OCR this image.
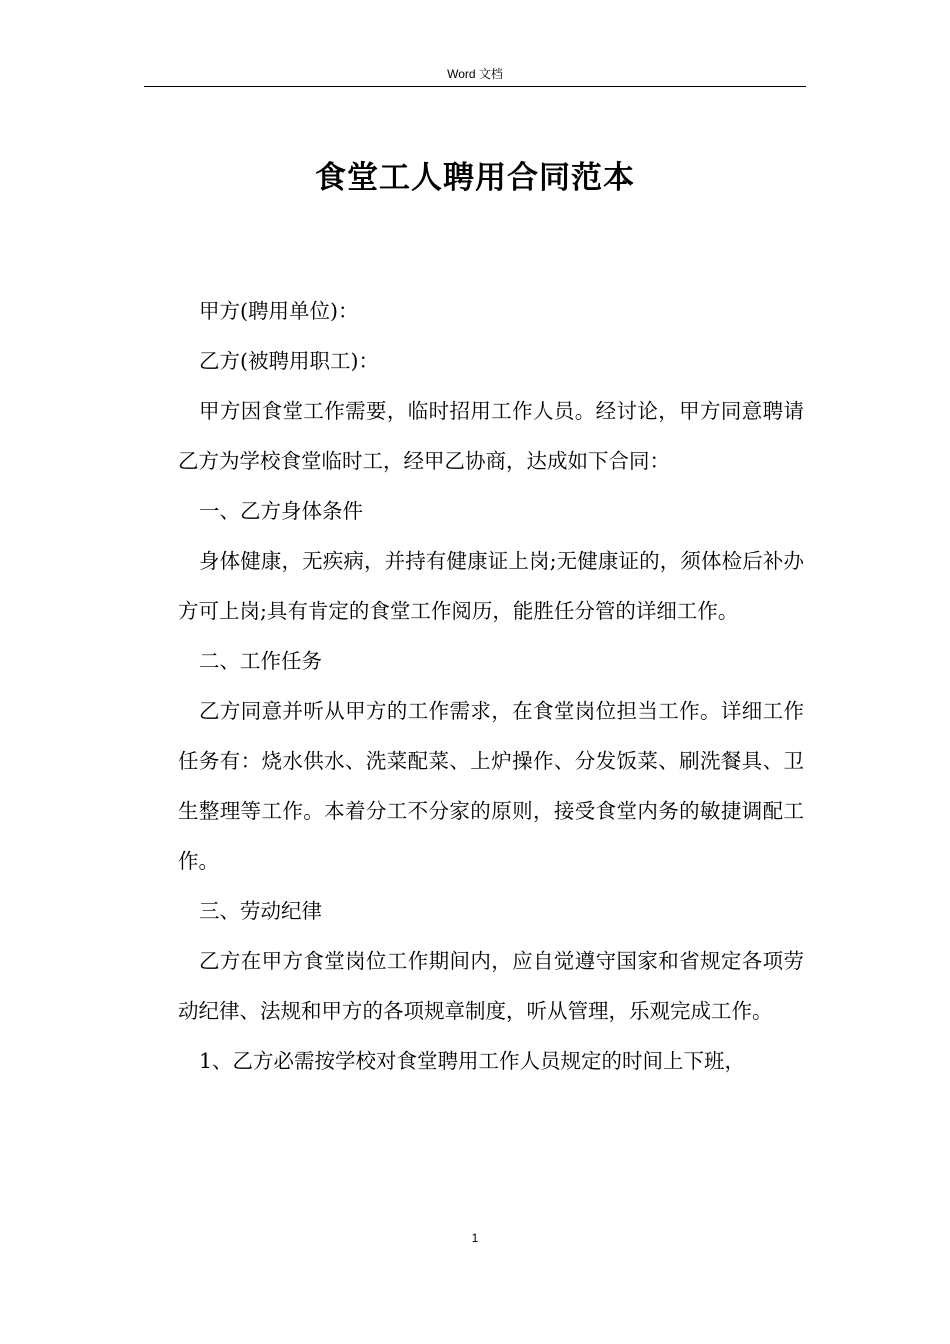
Word 文档
食堂工人聘用合同范本

甲方(聘用单位)：

乙方(被聘用职工)：

甲方因食堂工作需要，临时招用工作人员。经讨论，甲方同意聘请乙方为学校食堂临时工，经甲乙协商，达成如下合同：

一、乙方身体条件

身体健康，无疾病，并持有健康证上岗;无健康证的，须体检后补办方可上岗;具有肯定的食堂工作阅历，能胜任分管的详细工作。

二、工作任务

乙方同意并听从甲方的工作需求，在食堂岗位担当工作。详细工作任务有：烧水供水、洗菜配菜、上炉操作、分发饭菜、刷洗餐具、卫生整理等工作。本着分工不分家的原则，接受食堂内务的敏捷调配工作。

三、劳动纪律

乙方在甲方食堂岗位工作期间内，应自觉遵守国家和省规定各项劳动纪律、法规和甲方的各项规章制度，听从管理，乐观完成工作。

1、乙方必需按学校对食堂聘用工作人员规定的时间上下班，

1
